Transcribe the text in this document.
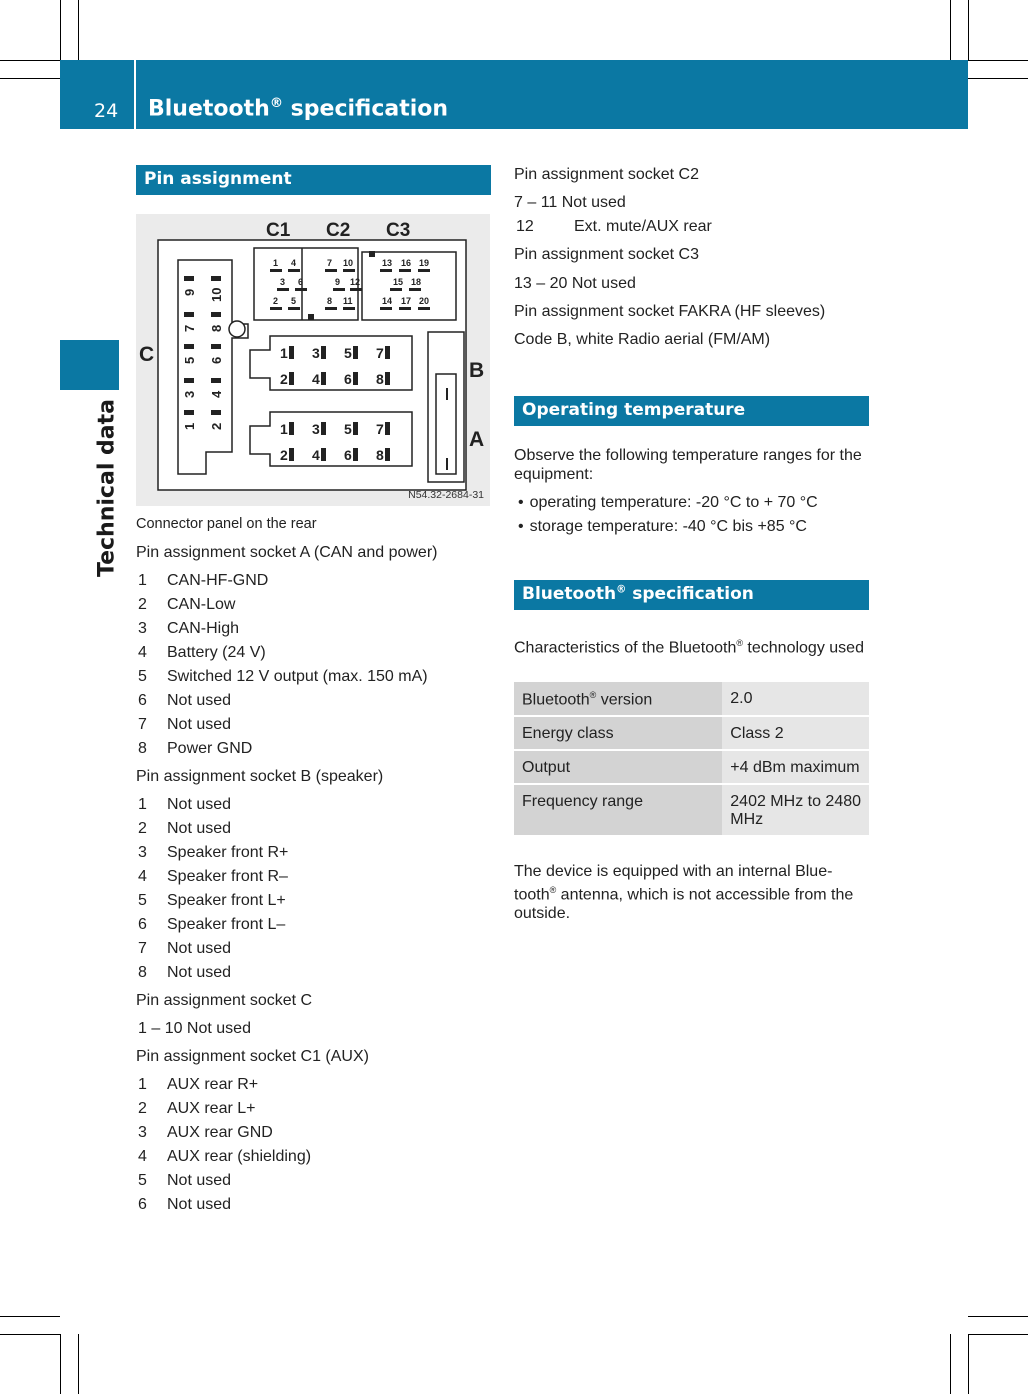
24 Bluetooth® specification
Technical data
Pin assignment
C1 C2 C3
C
B
A
1 4	7 10	13 16 19
3 6	9 12	15 18
2 5	8 11	14 17 20
1 3 5 7
2 4 6 8
1 3 5 7
2 4 6 8
9
7
5
3
1
10
8
6
4
2
N54.32-2684-31
Connector panel on the rear
Pin assignment socket A (CAN and power)
1 CAN-HF-GND
2 CAN-Low
3 CAN-High
4 Battery (24 V)
5 Switched 12 V output (max. 150 mA)
6 Not used
7 Not used
8 Power GND
Pin assignment socket B (speaker)
1 Not used
2 Not used
3 Speaker front R+
4 Speaker front R–
5 Speaker front L+
6 Speaker front L–
7 Not used
8 Not used
Pin assignment socket C
1 – 10 Not used
Pin assignment socket C1 (AUX)
1 AUX rear R+
2 AUX rear L+
3 AUX rear GND
4 AUX rear (shielding)
5 Not used
6 Not used
Pin assignment socket C2
7 – 11 Not used
12	Ext. mute/AUX rear
Pin assignment socket C3
13 – 20 Not used
Pin assignment socket FAKRA (HF sleeves)
Code B, white Radio aerial (FM/AM)
Operating temperature
Observe the following temperature ranges for the equipment:
• operating temperature: -20 °C to + 70 °C
• storage temperature: -40 °C bis +85 °C
Bluetooth® specification
Characteristics of the Bluetooth® technology used
Bluetooth® version	2.0
Energy class	Class 2
Output	+4 dBm maximum
Frequency range	2402 MHz to 2480 MHz
The device is equipped with an internal Blue-tooth® antenna, which is not accessible from the outside.
